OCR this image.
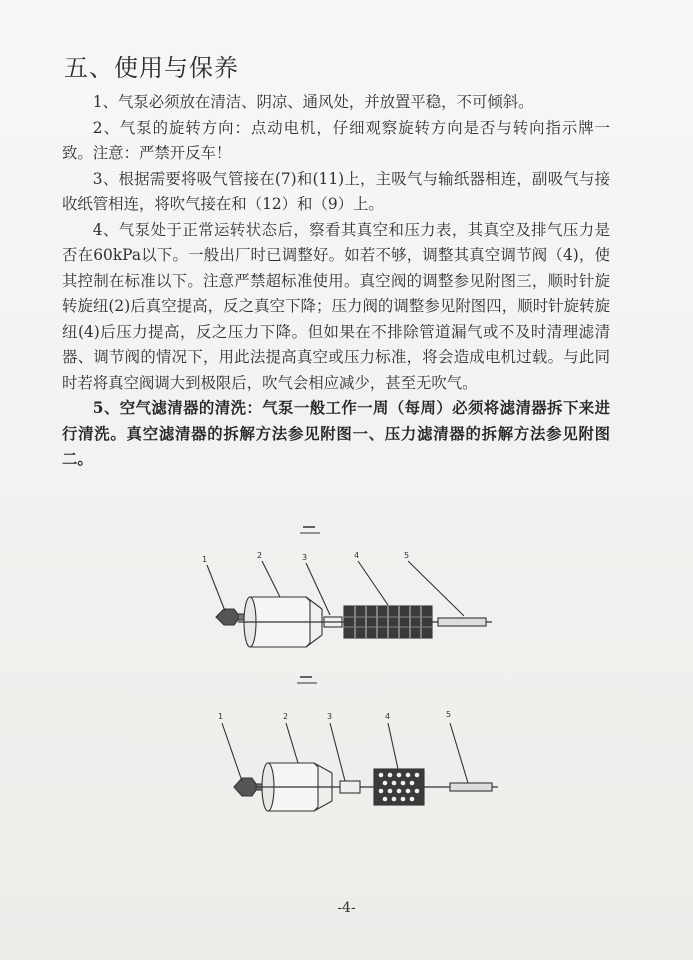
五、使用与保养

1、气泵必须放在清洁、阴凉、通风处，并放置平稳，不可倾斜。

2、气泵的旋转方向：点动电机，仔细观察旋转方向是否与转向指示牌一致。注意：严禁开反车！

3、根据需要将吸气管接在(7)和(11)上，主吸气与输纸器相连，副吸气与接收纸管相连，将吹气接在和（12）和（9）上。

4、气泵处于正常运转状态后，察看其真空和压力表，其真空及排气压力是否在60kPa以下。一般出厂时已调整好。如若不够，调整其真空调节阀（4)，使其控制在标准以下。注意严禁超标准使用。真空阀的调整参见附图三，顺时针旋转旋纽(2)后真空提高，反之真空下降；压力阀的调整参见附图四，顺时针旋转旋纽(4)后压力提高，反之压力下降。但如果在不排除管道漏气或不及时清理滤清器、调节阀的情况下，用此法提高真空或压力标准，将会造成电机过载。与此同时若将真空阀调大到极限后，吹气会相应减少，甚至无吹气。

5、空气滤清器的清洗：气泵一般工作一周（每周）必须将滤清器拆下来进行清洗。真空滤清器的拆解方法参见附图一、压力滤清器的拆解方法参见附图二。

1	2	3	4	5
1	2	3	4	5
-4-
